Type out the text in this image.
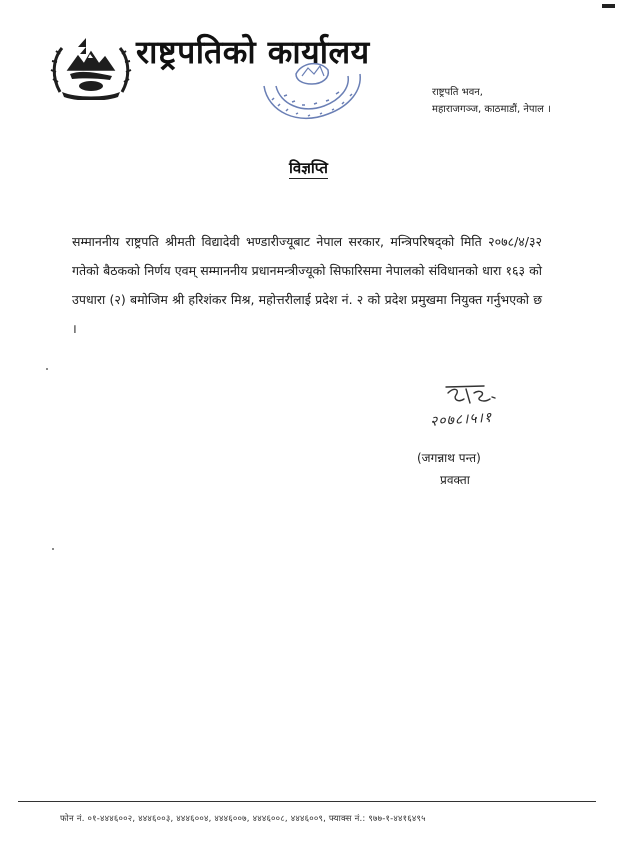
राष्ट्रपतिको कार्यालय
राष्ट्रपति भवन,
महाराजगञ्ज, काठमाडौं, नेपाल ।
विज्ञप्ति

सम्माननीय राष्ट्रपति श्रीमती विद्यादेवी भण्डारीज्यूबाट नेपाल सरकार, मन्त्रिपरिषद्को मिति २०७८/४/३२ गतेको बैठकको निर्णय एवम् सम्माननीय प्रधानमन्त्रीज्यूको सिफारिसमा नेपालको संविधानको धारा १६३ को उपधारा (२) बमोजिम श्री हरिशंकर मिश्र, महोत्तरीलाई प्रदेश नं. २ को प्रदेश प्रमुखमा नियुक्त गर्नुभएको छ ।

२०७८।५।१
(जगन्नाथ पन्त)
प्रवक्ता
फोन नं. ०१-४४४६००२, ४४४६००३, ४४४६००४, ४४४६००७, ४४४६००८, ४४४६००९, फ्याक्स नं.: ९७७-१-४४१६४९५
